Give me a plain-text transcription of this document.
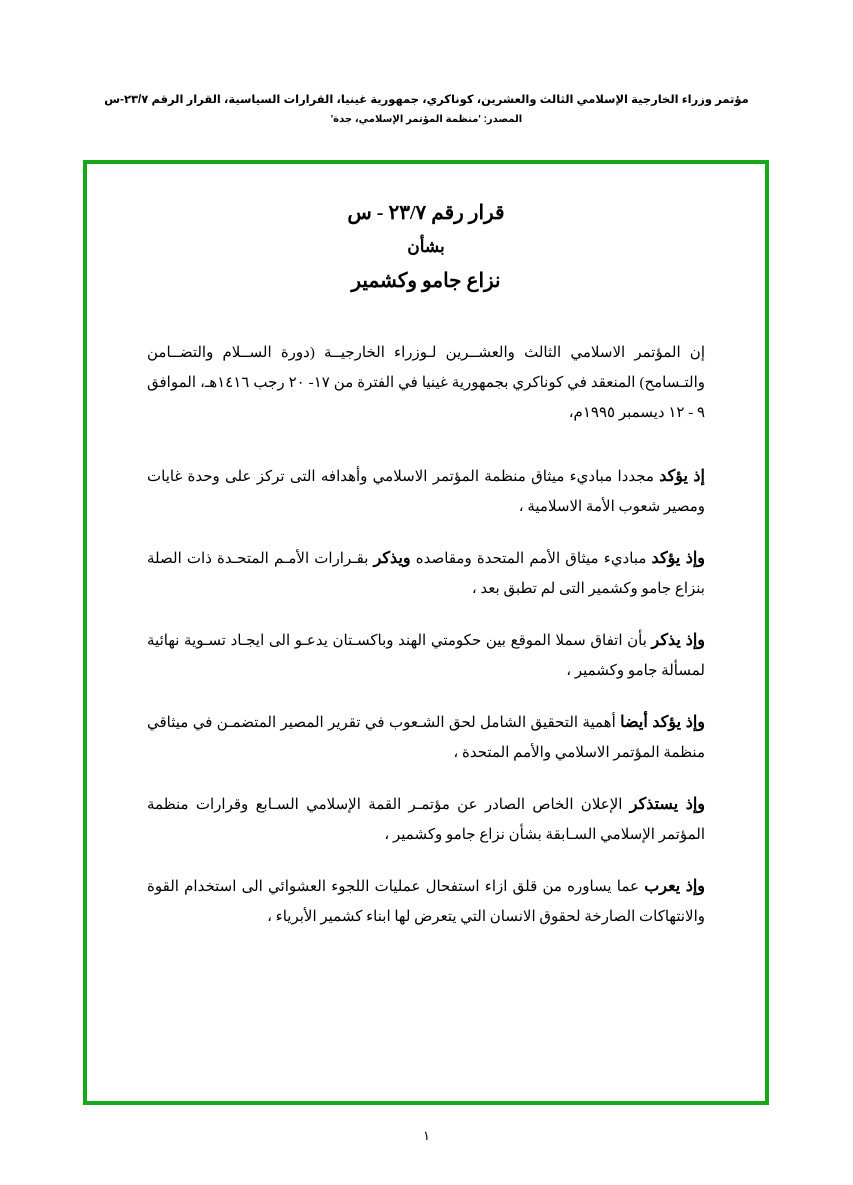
مؤتمر وزراء الخارجية الإسلامي الثالث والعشرين، كوناكري، جمهورية غينيا، القرارات السياسية، القرار الرقم ٢٣/٧-س
المصدر: 'منظمة المؤتمر الإسلامي، جدة'
قرار رقم ٢٣/٧ - س
بشأن
نزاع جامو وكشمير

إن المؤتمر الاسلامي الثالث والعشــرين لـوزراء الخارجيــة (دورة الســلام والتضــامن والتـسامح) المنعقد في كوناكري بجمهورية غينيا في الفترة من ١٧- ٢٠ رجب ١٤١٦هـ، الموافق ٩ - ١٢ ديسمبر ١٩٩٥م،

إذ يؤكد مجددا مباديء ميثاق منظمة المؤتمر الاسلامي وأهدافه التى تركز على وحدة غايات ومصير شعوب الأمة الاسلامية ،

وإذ يؤكد مباديء ميثاق الأمم المتحدة ومقاصده ويذكر بقـرارات الأمـم المتحـدة ذات الصلة بنزاع جامو وكشمير التى لم تطبق بعد ،

وإذ يذكر بأن اتفاق سملا الموقع بين حكومتي الهند وباكسـتان يدعـو الى ايجـاد تسـوية نهائية لمسألة جامو وكشمير ،

وإذ يؤكد أيضا أهمية التحقيق الشامل لحق الشـعوب في تقرير المصير المتضمـن في ميثاقي منظمة المؤتمر الاسلامي والأمم المتحدة ،

وإذ يستذكر الإعلان الخاص الصادر عن مؤتمـر القمة الإسلامي السـابع وقرارات منظمة المؤتمر الإسلامي السـابقة بشأن نزاع جامو وكشمير ،

وإذ يعرب عما يساوره من قلق ازاء استفحال عمليات اللجوء العشوائي الى استخدام القوة والانتهاكات الصارخة لحقوق الانسان التي يتعرض لها ابناء كشمير الأبرياء ،

١
